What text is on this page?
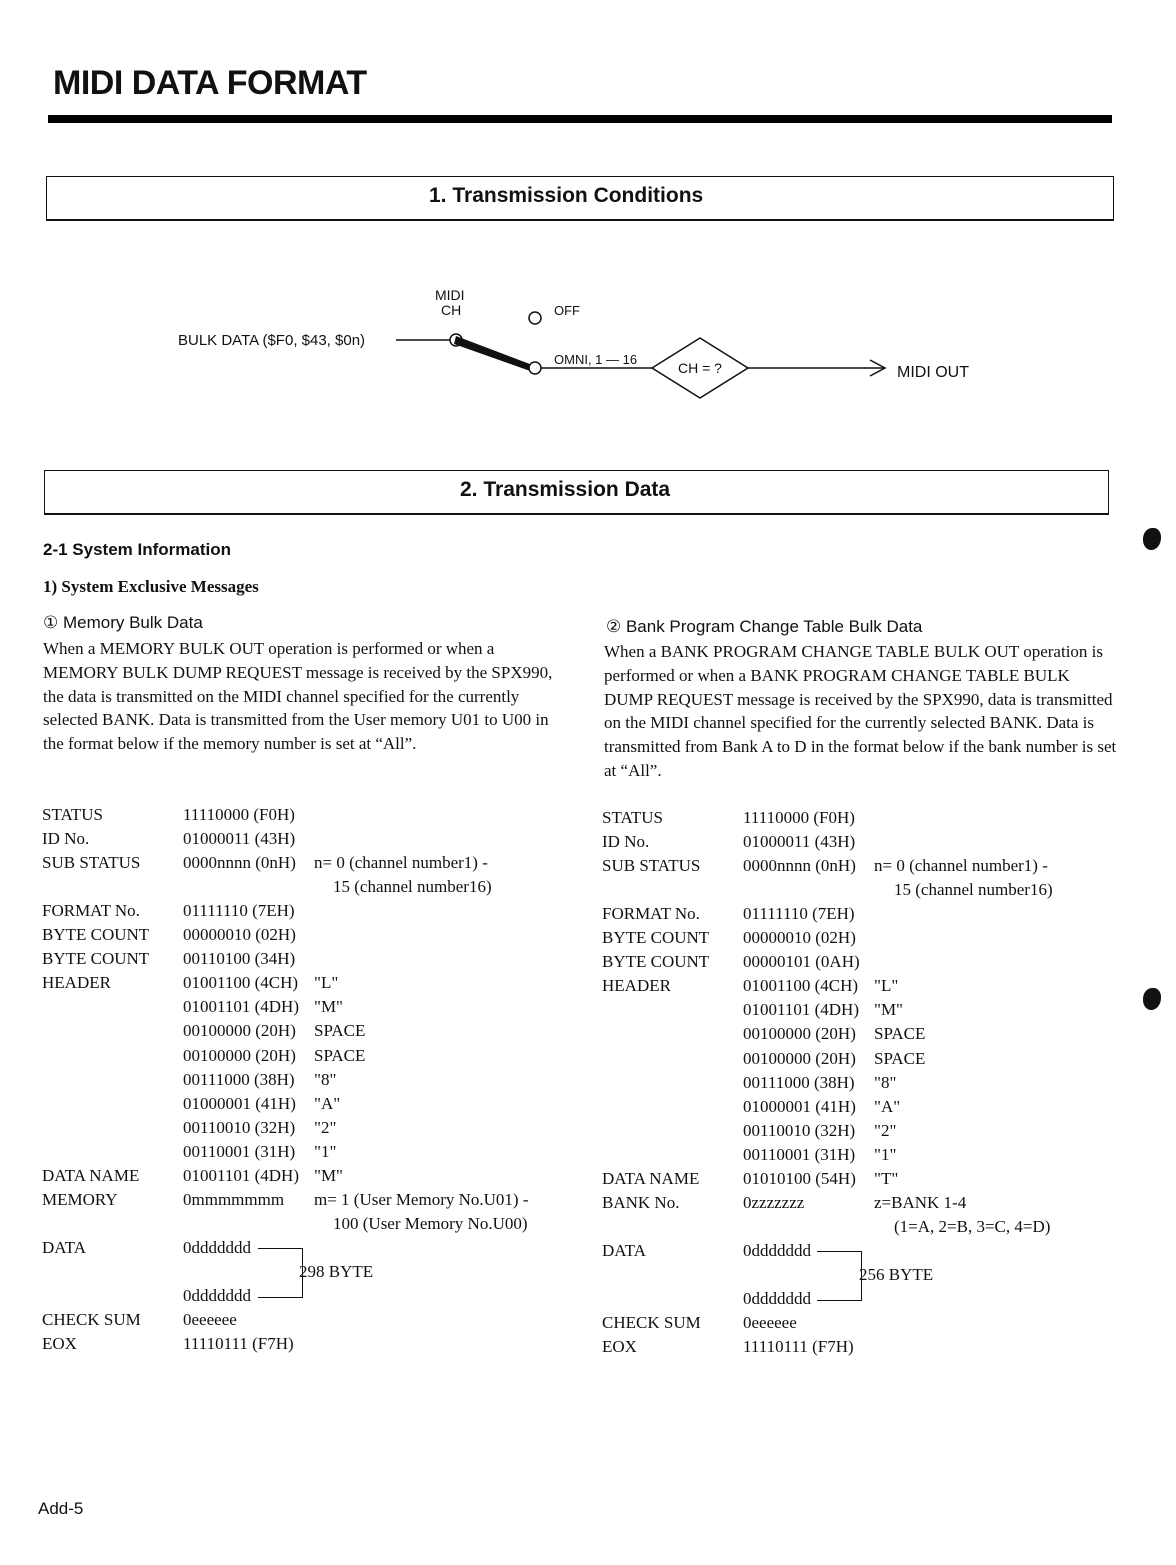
MIDI DATA FORMAT
1. Transmission Conditions
BULK DATA ($F0, $43, $0n)
MIDI
CH	OFF
OMNI, 1 — 16
CH = ?	MIDI OUT
2. Transmission Data
2-1 System Information
1) System Exclusive Messages
① Memory Bulk Data
When a MEMORY BULK OUT operation is performed or when a MEMORY BULK DUMP REQUEST message is received by the SPX990, the data is transmitted on the MIDI channel specified for the currently selected BANK. Data is transmitted from the User memory U01 to U00 in the format below if the memory number is set at “All”.
STATUS	11110000 (F0H)
ID No.	01000011 (43H)
SUB STATUS	0000nnnn (0nH) n= 0 (channel number1) -
15 (channel number16)
FORMAT No.	01111110 (7EH)
BYTE COUNT 00000010 (02H)
BYTE COUNT 00110100 (34H)
HEADER	01001100 (4CH) "L"
01001101 (4DH) "M"
00100000 (20H) SPACE
00100000 (20H) SPACE
00111000 (38H) "8"
01000001 (41H) "A"
00110010 (32H) "2"
00110001 (31H) "1"
DATA NAME	01001101 (4DH) "M"
MEMORY	0mmmmmmm m= 1 (User Memory No.U01) -
100 (User Memory No.U00)
DATA	0ddddddd
298 BYTE
0ddddddd
CHECK SUM 0eeeeee
EOX	11110111 (F7H)
② Bank Program Change Table Bulk Data
When a BANK PROGRAM CHANGE TABLE BULK OUT operation is performed or when a BANK PROGRAM CHANGE TABLE BULK DUMP REQUEST message is received by the SPX990, data is transmitted on the MIDI channel specified for the currently selected BANK. Data is transmitted from Bank A to D in the format below if the bank number is set at “All”.
STATUS	11110000 (F0H)
ID No.	01000011 (43H)
SUB STATUS	0000nnnn (0nH) n= 0 (channel number1) -
15 (channel number16)
FORMAT No.	01111110 (7EH)
BYTE COUNT 00000010 (02H)
BYTE COUNT 00000101 (0AH)
HEADER	01001100 (4CH) "L"
01001101 (4DH) "M"
00100000 (20H) SPACE
00100000 (20H) SPACE
00111000 (38H) "8"
01000001 (41H) "A"
00110010 (32H) "2"
00110001 (31H) "1"
DATA NAME	01010100 (54H) "T"
BANK No.	0zzzzzzz	z=BANK 1-4
(1=A, 2=B, 3=C, 4=D)
DATA	0ddddddd
256 BYTE
0ddddddd
CHECK SUM 0eeeeee
EOX	11110111 (F7H)
Add-5
